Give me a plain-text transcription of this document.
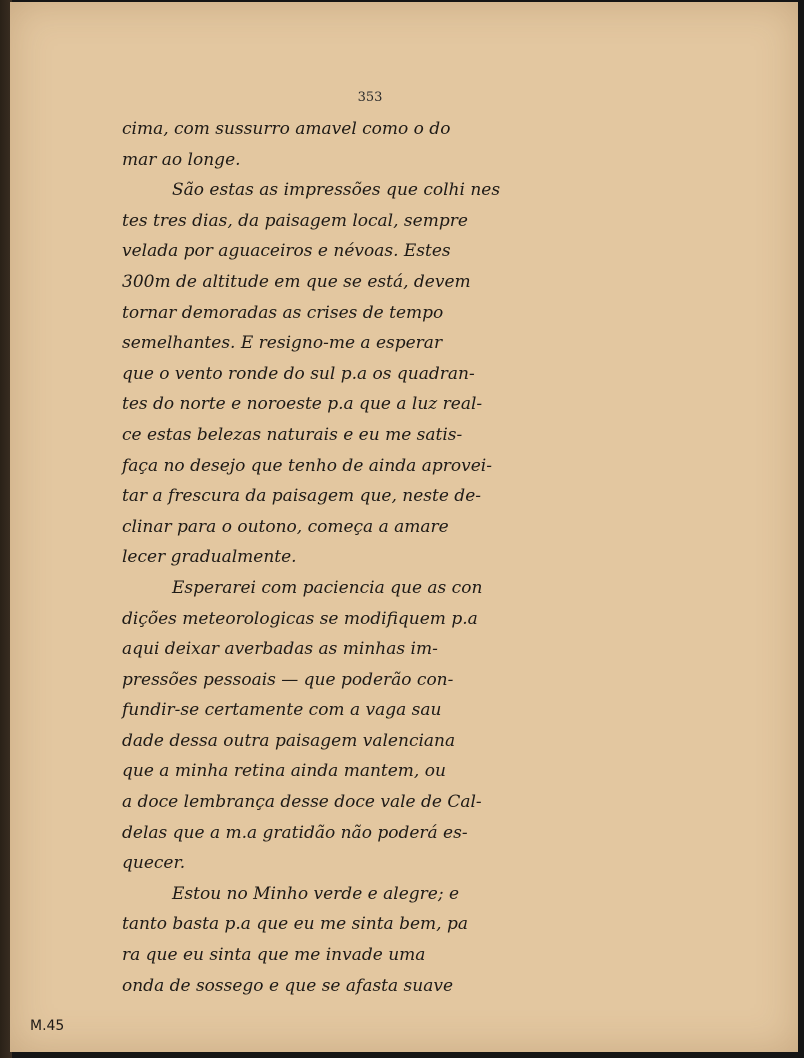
353
cima, com sussurro amavel como o do
mar ao longe.
São estas as impressões que colhi nes
tes tres dias, da paisagem local, sempre
velada por aguaceiros e névoas. Estes
300m de altitude em que se está, devem
tornar demoradas as crises de tempo
semelhantes. E resigno-me a esperar
que o vento ronde do sul p.a os quadran-
tes do norte e noroeste p.a que a luz real-
ce estas belezas naturais e eu me satis-
faça no desejo que tenho de ainda aprovei-
tar a frescura da paisagem que, neste de-
clinar para o outono, começa a amare
lecer gradualmente.
Esperarei com paciencia que as con
dições meteorologicas se modifiquem p.a
aqui deixar averbadas as minhas im-
pressões pessoais — que poderão con-
fundir-se certamente com a vaga sau
dade dessa outra paisagem valenciana
que a minha retina ainda mantem, ou
a doce lembrança desse doce vale de Cal-
delas que a m.a gratidão não poderá es-
quecer.
Estou no Minho verde e alegre; e
tanto basta p.a que eu me sinta bem, pa
ra que eu sinta que me invade uma
onda de sossego e que se afasta suave
M.45
